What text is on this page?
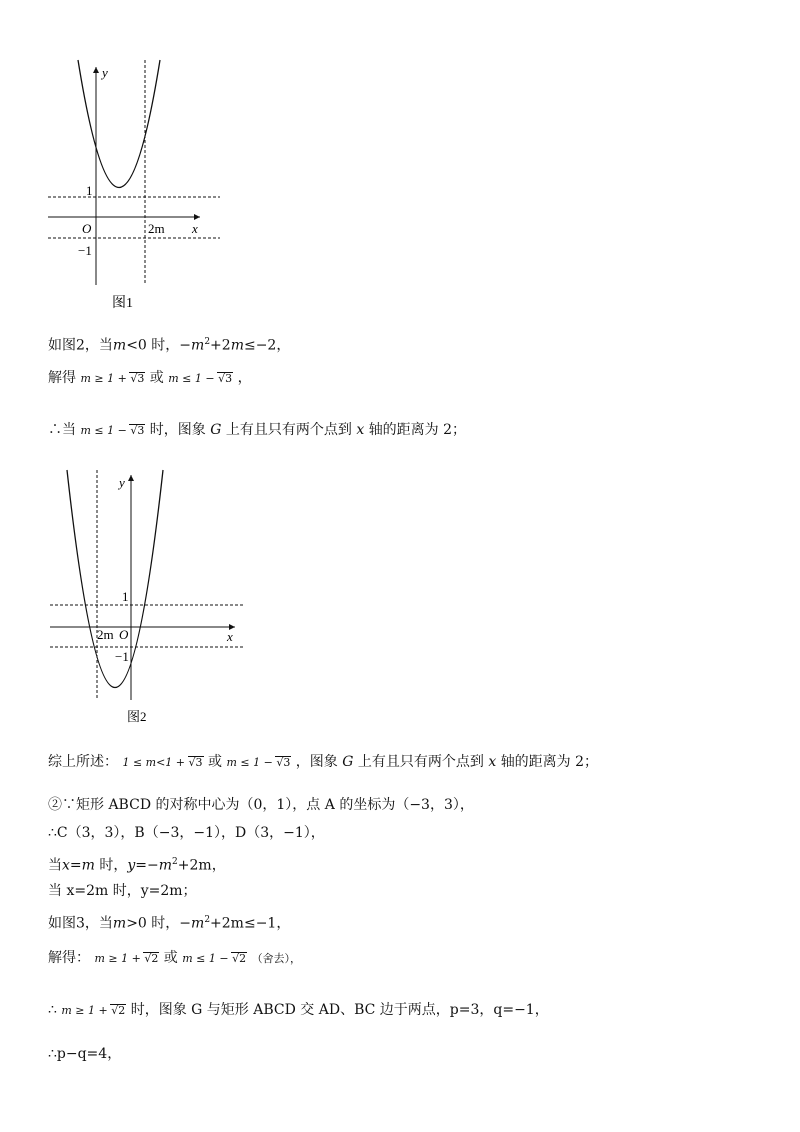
y
x
O
1
−1
2m
图1
如图2，当m<0 时，$-m^2+2m\le-2$，
解得 m ≥ 1 + √3 或 m ≤ 1 − √3 ，
∴当 m ≤ 1 − √3 时，图象 G 上有且只有两个点到 x 轴的距离为 2；
y
x
O
1
−1
2m
图2
综上所述： 1 ≤ m<1 + √3 或 m ≤ 1 − √3 ，图象 G 上有且只有两个点到 x 轴的距离为 2；
②∵矩形 ABCD 的对称中心为（0，1），点 A 的坐标为（−3，3），
∴C（3，3），B（−3，−1），D（3，−1），
当x=m 时，$y=-m^2+2m$，
当 x=2m 时，y=2m；
如图3，当m>0 时，$-m^2+2m\le-1$，
解得： m ≥ 1 + √2 或 m ≤ 1 − √2 （舍去），
∴ m ≥ 1 + √2 时，图象 G 与矩形 ABCD 交 AD、BC 边于两点，p=3，q=−1，
∴p−q=4，
